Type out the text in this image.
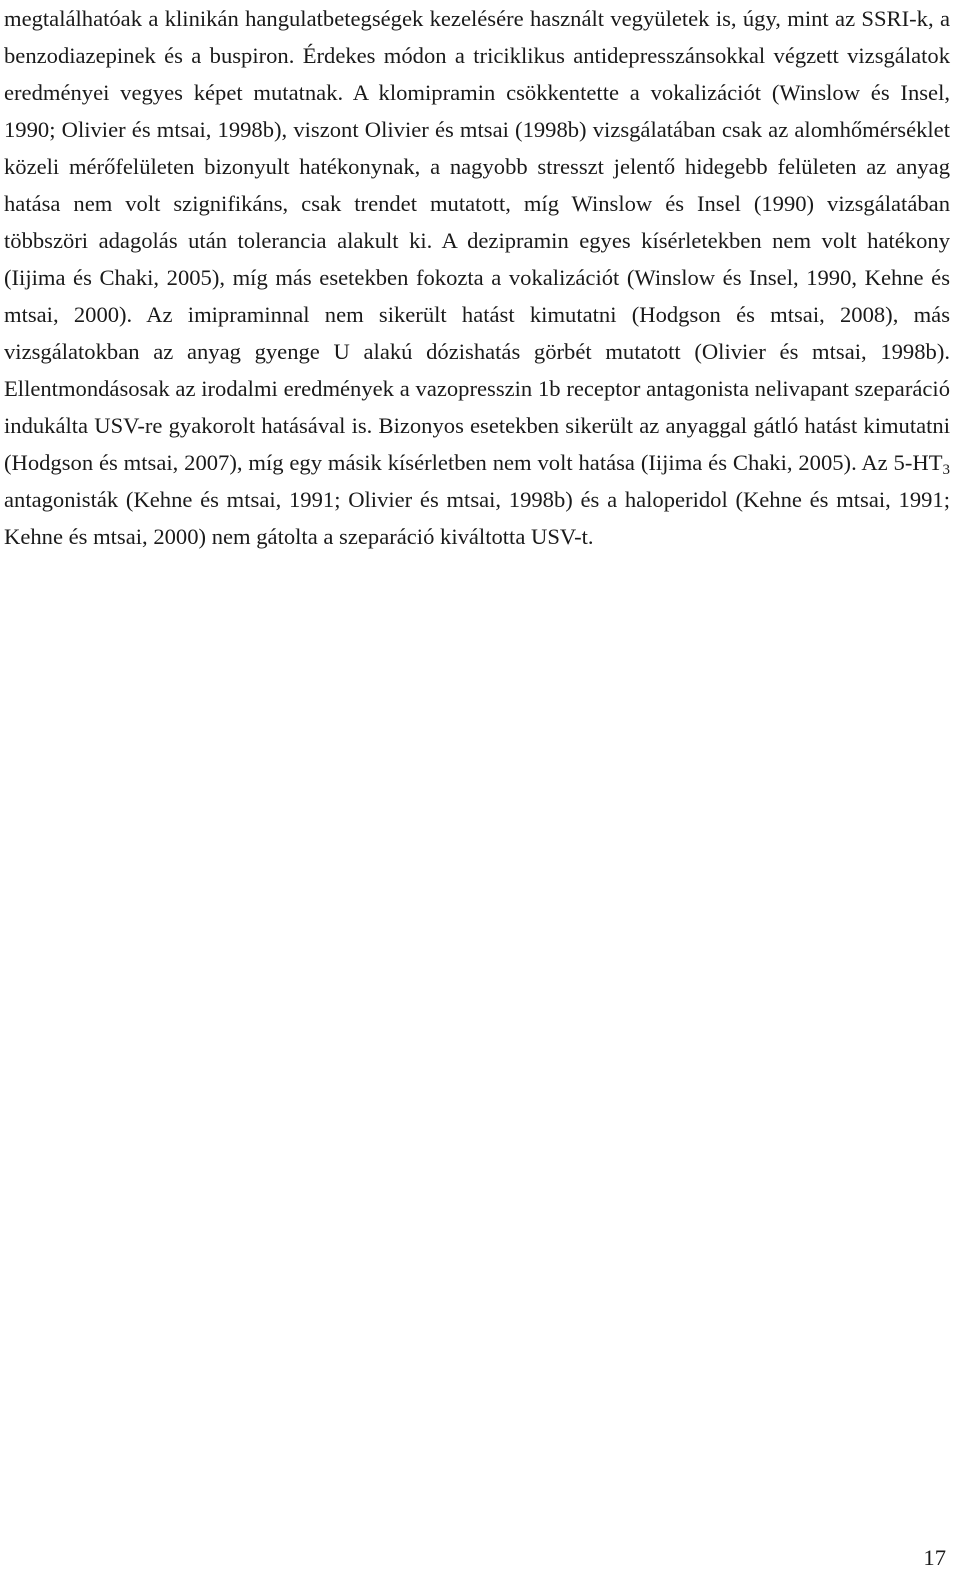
megtalálhatóak a klinikán hangulatbetegségek kezelésére használt vegyületek is, úgy, mint az SSRI-k, a benzodiazepinek és a buspiron. Érdekes módon a triciklikus antidepresszánsokkal végzett vizsgálatok eredményei vegyes képet mutatnak. A klomipramin csökkentette a vokalizációt (Winslow és Insel, 1990; Olivier és mtsai, 1998b), viszont Olivier és mtsai (1998b) vizsgálatában csak az alomhőmérséklet közeli mérőfelületen bizonyult hatékonynak, a nagyobb stresszt jelentő hidegebb felületen az anyag hatása nem volt szignifikáns, csak trendet mutatott, míg Winslow és Insel (1990) vizsgálatában többszöri adagolás után tolerancia alakult ki. A dezipramin egyes kísérletekben nem volt hatékony (Iijima és Chaki, 2005), míg más esetekben fokozta a vokalizációt (Winslow és Insel, 1990, Kehne és mtsai, 2000). Az imipraminnal nem sikerült hatást kimutatni (Hodgson és mtsai, 2008), más vizsgálatokban az anyag gyenge U alakú dózishatás görbét mutatott (Olivier és mtsai, 1998b). Ellentmondásosak az irodalmi eredmények a vazopresszin 1b receptor antagonista nelivapant szeparáció indukálta USV-re gyakorolt hatásával is. Bizonyos esetekben sikerült az anyaggal gátló hatást kimutatni (Hodgson és mtsai, 2007), míg egy másik kísérletben nem volt hatása (Iijima és Chaki, 2005). Az $5-HT_3$ antagonisták (Kehne és mtsai, 1991; Olivier és mtsai, 1998b) és a haloperidol (Kehne és mtsai, 1991; Kehne és mtsai, 2000) nem gátolta a szeparáció kiváltotta USV-t.

17
